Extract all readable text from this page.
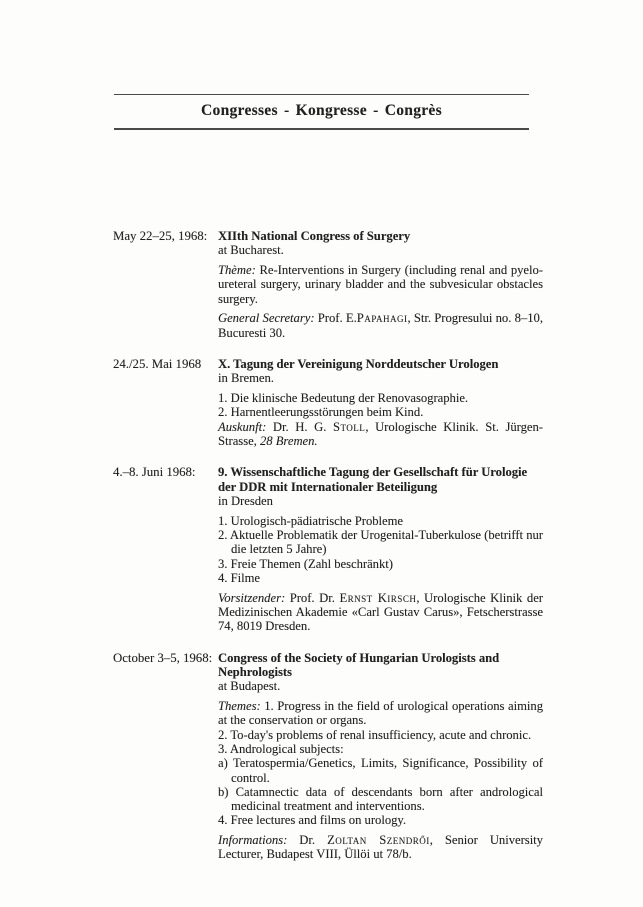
Congresses - Kongresse - Congrès
May 22–25, 1968: XIIth National Congress of Surgery

at Bucharest.

Thème: Re-Interventions in Surgery (including renal and pyelo-ureteral surgery, urinary bladder and the subvesicular obstacles surgery.

General Secretary: Prof. E.Papahagi, Str. Progresului no. 8–10, Bucuresti 30.

24./25. Mai 1968	X. Tagung der Vereinigung Norddeutscher Urologen

in Bremen.

1. Die klinische Bedeutung der Renovasographie.

2. Harnentleerungsstörungen beim Kind.

Auskunft: Dr. H. G. Stoll, Urologische Klinik. St. Jürgen-Strasse, 28 Bremen.

4.–8. Juni 1968:	9. Wissenschaftliche Tagung der Gesellschaft für Urologie der DDR mit Internationaler Beteiligung

in Dresden

1. Urologisch-pädiatrische Probleme

2. Aktuelle Problematik der Urogenital-Tuberkulose (betrifft nur die letzten 5 Jahre)

3. Freie Themen (Zahl beschränkt)

4. Filme

Vorsitzender: Prof. Dr. Ernst Kirsch, Urologische Klinik der Medizinischen Akademie «Carl Gustav Carus», Fetscherstrasse 74, 8019 Dresden.

October 3–5, 1968: Congress of the Society of Hungarian Urologists and Nephrologists

at Budapest.

Themes: 1. Progress in the field of urological operations aiming at the conservation or organs.

2. To-day's problems of renal insufficiency, acute and chronic.

3. Andrological subjects:

a) Teratospermia/Genetics, Limits, Significance, Possibility of control.

b) Catamnectic data of descendants born after andrological medicinal treatment and interventions.

4. Free lectures and films on urology.

Informations: Dr. Zoltan Szendrői, Senior University Lecturer, Budapest VIII, Üllöi ut 78/b.
